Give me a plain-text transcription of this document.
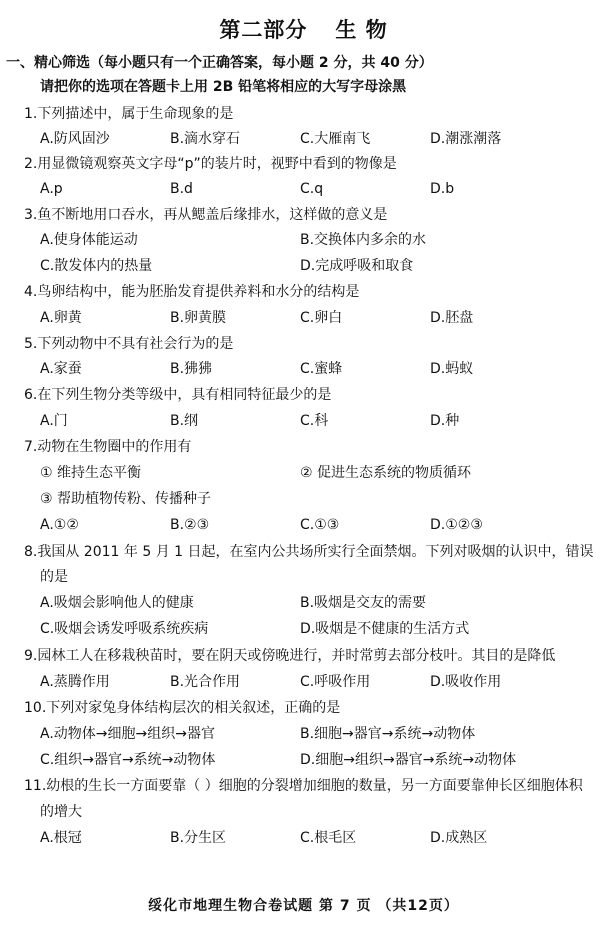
第二部分 生 物
一、精心筛选（每小题只有一个正确答案，每小题 2 分，共 40 分）
请把你的选项在答题卡上用 2B 铅笔将相应的大写字母涂黑
1.下列描述中，属于生命现象的是
A.防风固沙	B.滴水穿石	C.大雁南飞	D.潮涨潮落
2.用显微镜观察英文字母“p”的装片时，视野中看到的物像是
A.p	B.d	C.q	D.b
3.鱼不断地用口吞水，再从鳃盖后缘排水，这样做的意义是
A.使身体能运动	B.交换体内多余的水
C.散发体内的热量	D.完成呼吸和取食
4.鸟卵结构中，能为胚胎发育提供养料和水分的结构是
A.卵黄	B.卵黄膜	C.卵白	D.胚盘
5.下列动物中不具有社会行为的是
A.家蚕	B.狒狒	C.蜜蜂	D.蚂蚁
6.在下列生物分类等级中，具有相同特征最少的是
A.门	B.纲	C.科	D.种
7.动物在生物圈中的作用有
① 维持生态平衡	② 促进生态系统的物质循环
③ 帮助植物传粉、传播种子
A.①②	B.②③	C.①③	D.①②③
8.我国从 2011 年 5 月 1 日起，在室内公共场所实行全面禁烟。下列对吸烟的认识中，错误
的是
A.吸烟会影响他人的健康	B.吸烟是交友的需要
C.吸烟会诱发呼吸系统疾病	D.吸烟是不健康的生活方式
9.园林工人在移栽秧苗时，要在阴天或傍晚进行，并时常剪去部分枝叶。其目的是降低
A.蒸腾作用	B.光合作用	C.呼吸作用	D.吸收作用
10.下列对家兔身体结构层次的相关叙述，正确的是
A.动物体→细胞→组织→器官	B.细胞→器官→系统→动物体
C.组织→器官→系统→动物体	D.细胞→组织→器官→系统→动物体
11.幼根的生长一方面要靠（ ）细胞的分裂增加细胞的数量，另一方面要靠伸长区细胞体积
的增大
A.根冠	B.分生区	C.根毛区	D.成熟区
绥化市地理生物合卷试题 第 7 页 （共12页）
